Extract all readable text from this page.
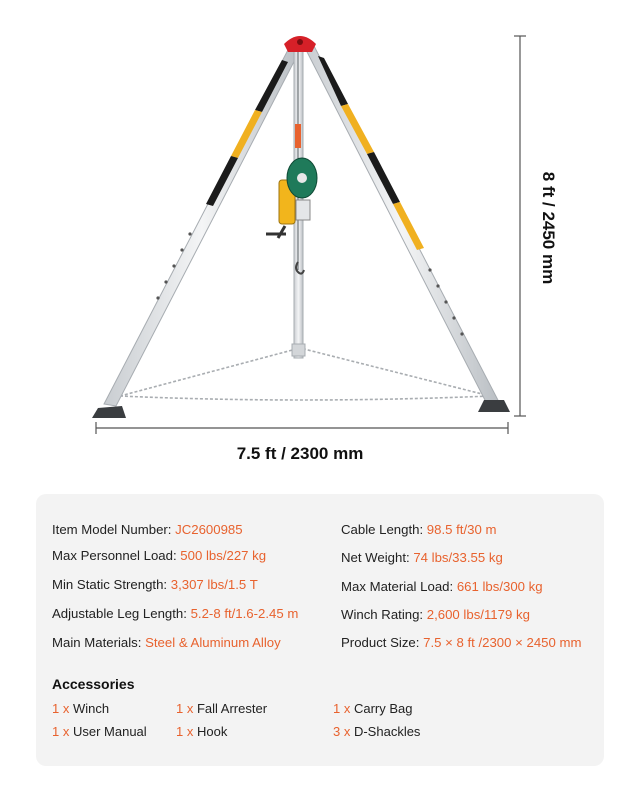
8 ft / 2450 mm
7.5 ft / 2300 mm
Item Model Number: JC2600985
Max Personnel Load: 500 lbs/227 kg
Min Static Strength: 3,307 lbs/1.5 T
Adjustable Leg Length: 5.2-8 ft/1.6-2.45 m
Main Materials: Steel & Aluminum Alloy
Cable Length: 98.5 ft/30 m
Net Weight: 74 lbs/33.55 kg
Max Material Load: 661 lbs/300 kg
Winch Rating: 2,600 lbs/1179 kg
Product Size: 7.5 × 8 ft /2300 × 2450 mm
Accessories
1 x Winch	1 x Fall Arrester	1 x Carry Bag
1 x User Manual 1 x Hook	3 x D-Shackles
